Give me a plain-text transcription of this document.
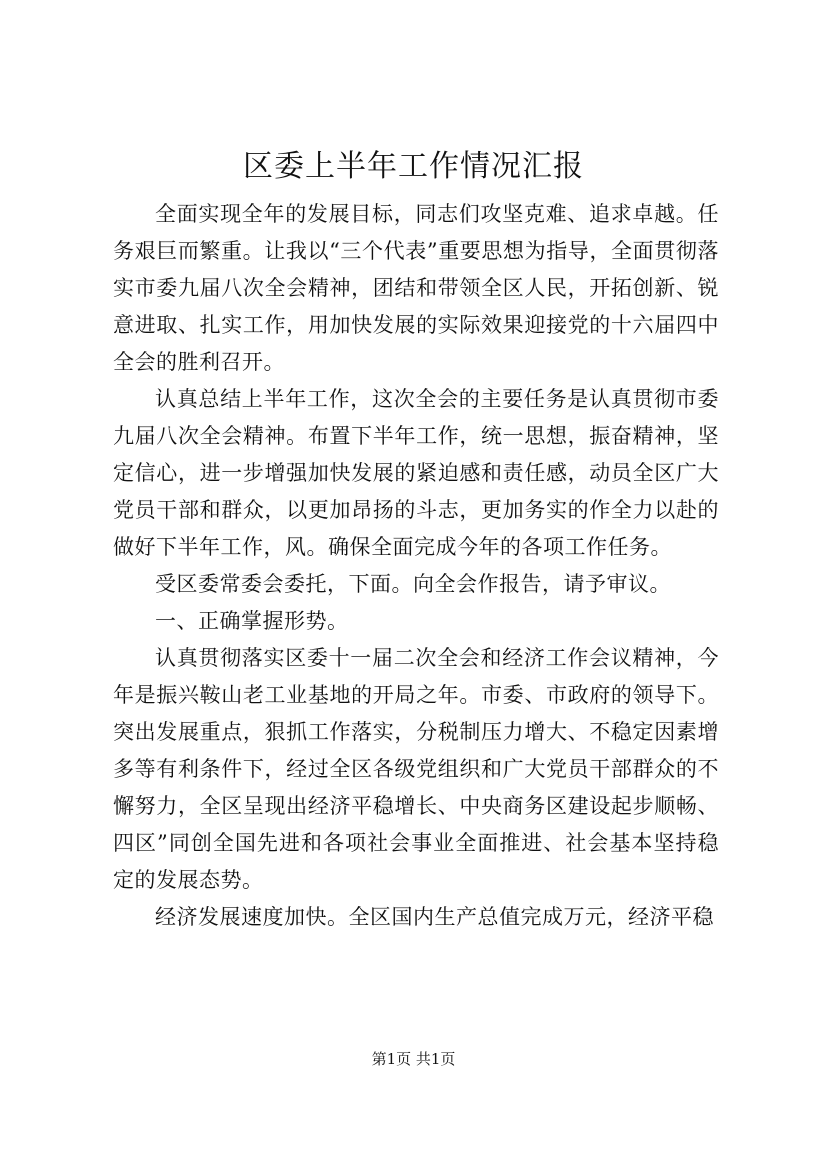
区委上半年工作情况汇报

全面实现全年的发展目标，同志们攻坚克难、追求卓越。任务艰巨而繁重。让我以“三个代表”重要思想为指导，全面贯彻落实市委九届八次全会精神，团结和带领全区人民，开拓创新、锐意进取、扎实工作，用加快发展的实际效果迎接党的十六届四中全会的胜利召开。

认真总结上半年工作，这次全会的主要任务是认真贯彻市委九届八次全会精神。布置下半年工作，统一思想，振奋精神，坚定信心，进一步增强加快发展的紧迫感和责任感，动员全区广大党员干部和群众，以更加昂扬的斗志，更加务实的作全力以赴的做好下半年工作，风。确保全面完成今年的各项工作任务。

受区委常委会委托，下面。向全会作报告，请予审议。

一、正确掌握形势。

认真贯彻落实区委十一届二次全会和经济工作会议精神，今年是振兴鞍山老工业基地的开局之年。市委、市政府的领导下。突出发展重点，狠抓工作落实，分税制压力增大、不稳定因素增多等有利条件下，经过全区各级党组织和广大党员干部群众的不懈努力，全区呈现出经济平稳增长、中央商务区建设起步顺畅、四区”同创全国先进和各项社会事业全面推进、社会基本坚持稳定的发展态势。

经济发展速度加快。全区国内生产总值完成万元，经济平稳

第1页 共1页
